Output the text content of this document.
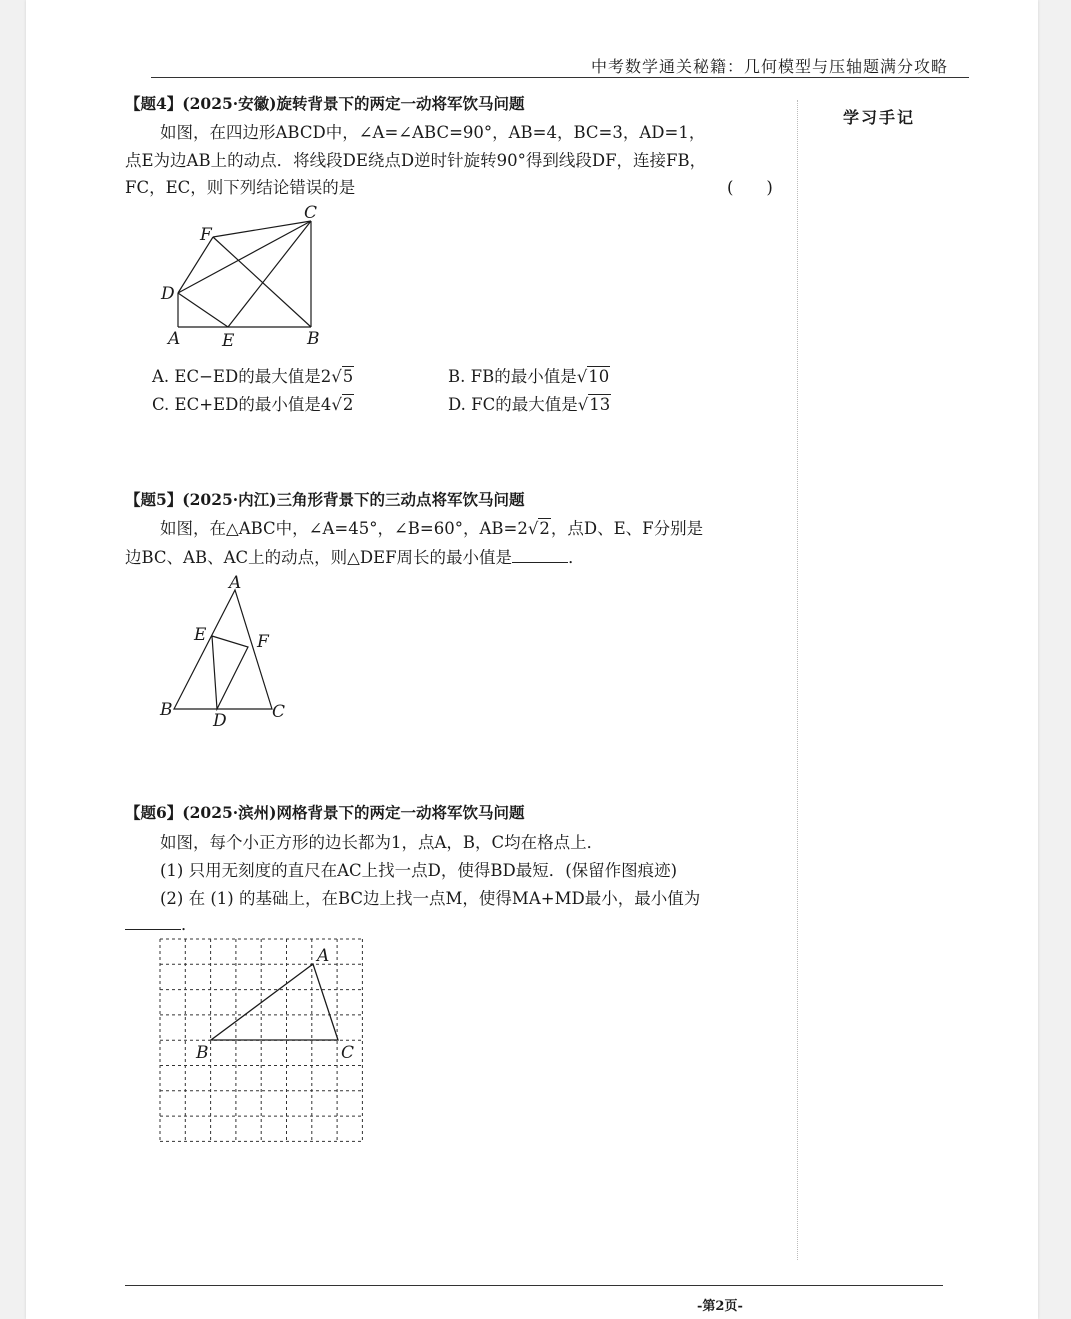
中考数学通关秘籍：几何模型与压轴题满分攻略
学习手记
【题4】(2025·安徽)旋转背景下的两定一动将军饮马问题
如图，在四边形ABCD中，∠A=∠ABC=90°，AB=4，BC=3，AD=1，
点E为边AB上的动点．将线段DE绕点D逆时针旋转90°得到线段DF，连接FB，
FC，EC，则下列结论错误的是	(　　)
A	B
C
D
E
F
A. EC−ED的最大值是2√5	B. FB的最小值是√10
C. EC+ED的最小值是4√2	D. FC的最大值是√13
【题5】(2025·内江)三角形背景下的三动点将军饮马问题
如图，在△ABC中，∠A=45°，∠B=60°，AB=2√2，点D、E、F分别是
边BC、AB、AC上的动点，则△DEF周长的最小值是	．
A
B	C
D
E	F
【题6】(2025·滨州)网格背景下的两定一动将军饮马问题
如图，每个小正方形的边长都为1，点A，B，C均在格点上．
(1) 只用无刻度的直尺在AC上找一点D，使得BD最短．(保留作图痕迹)
(2) 在 (1) 的基础上，在BC边上找一点M，使得MA+MD最小，最小值为
．
A
B	C
-第2页-
